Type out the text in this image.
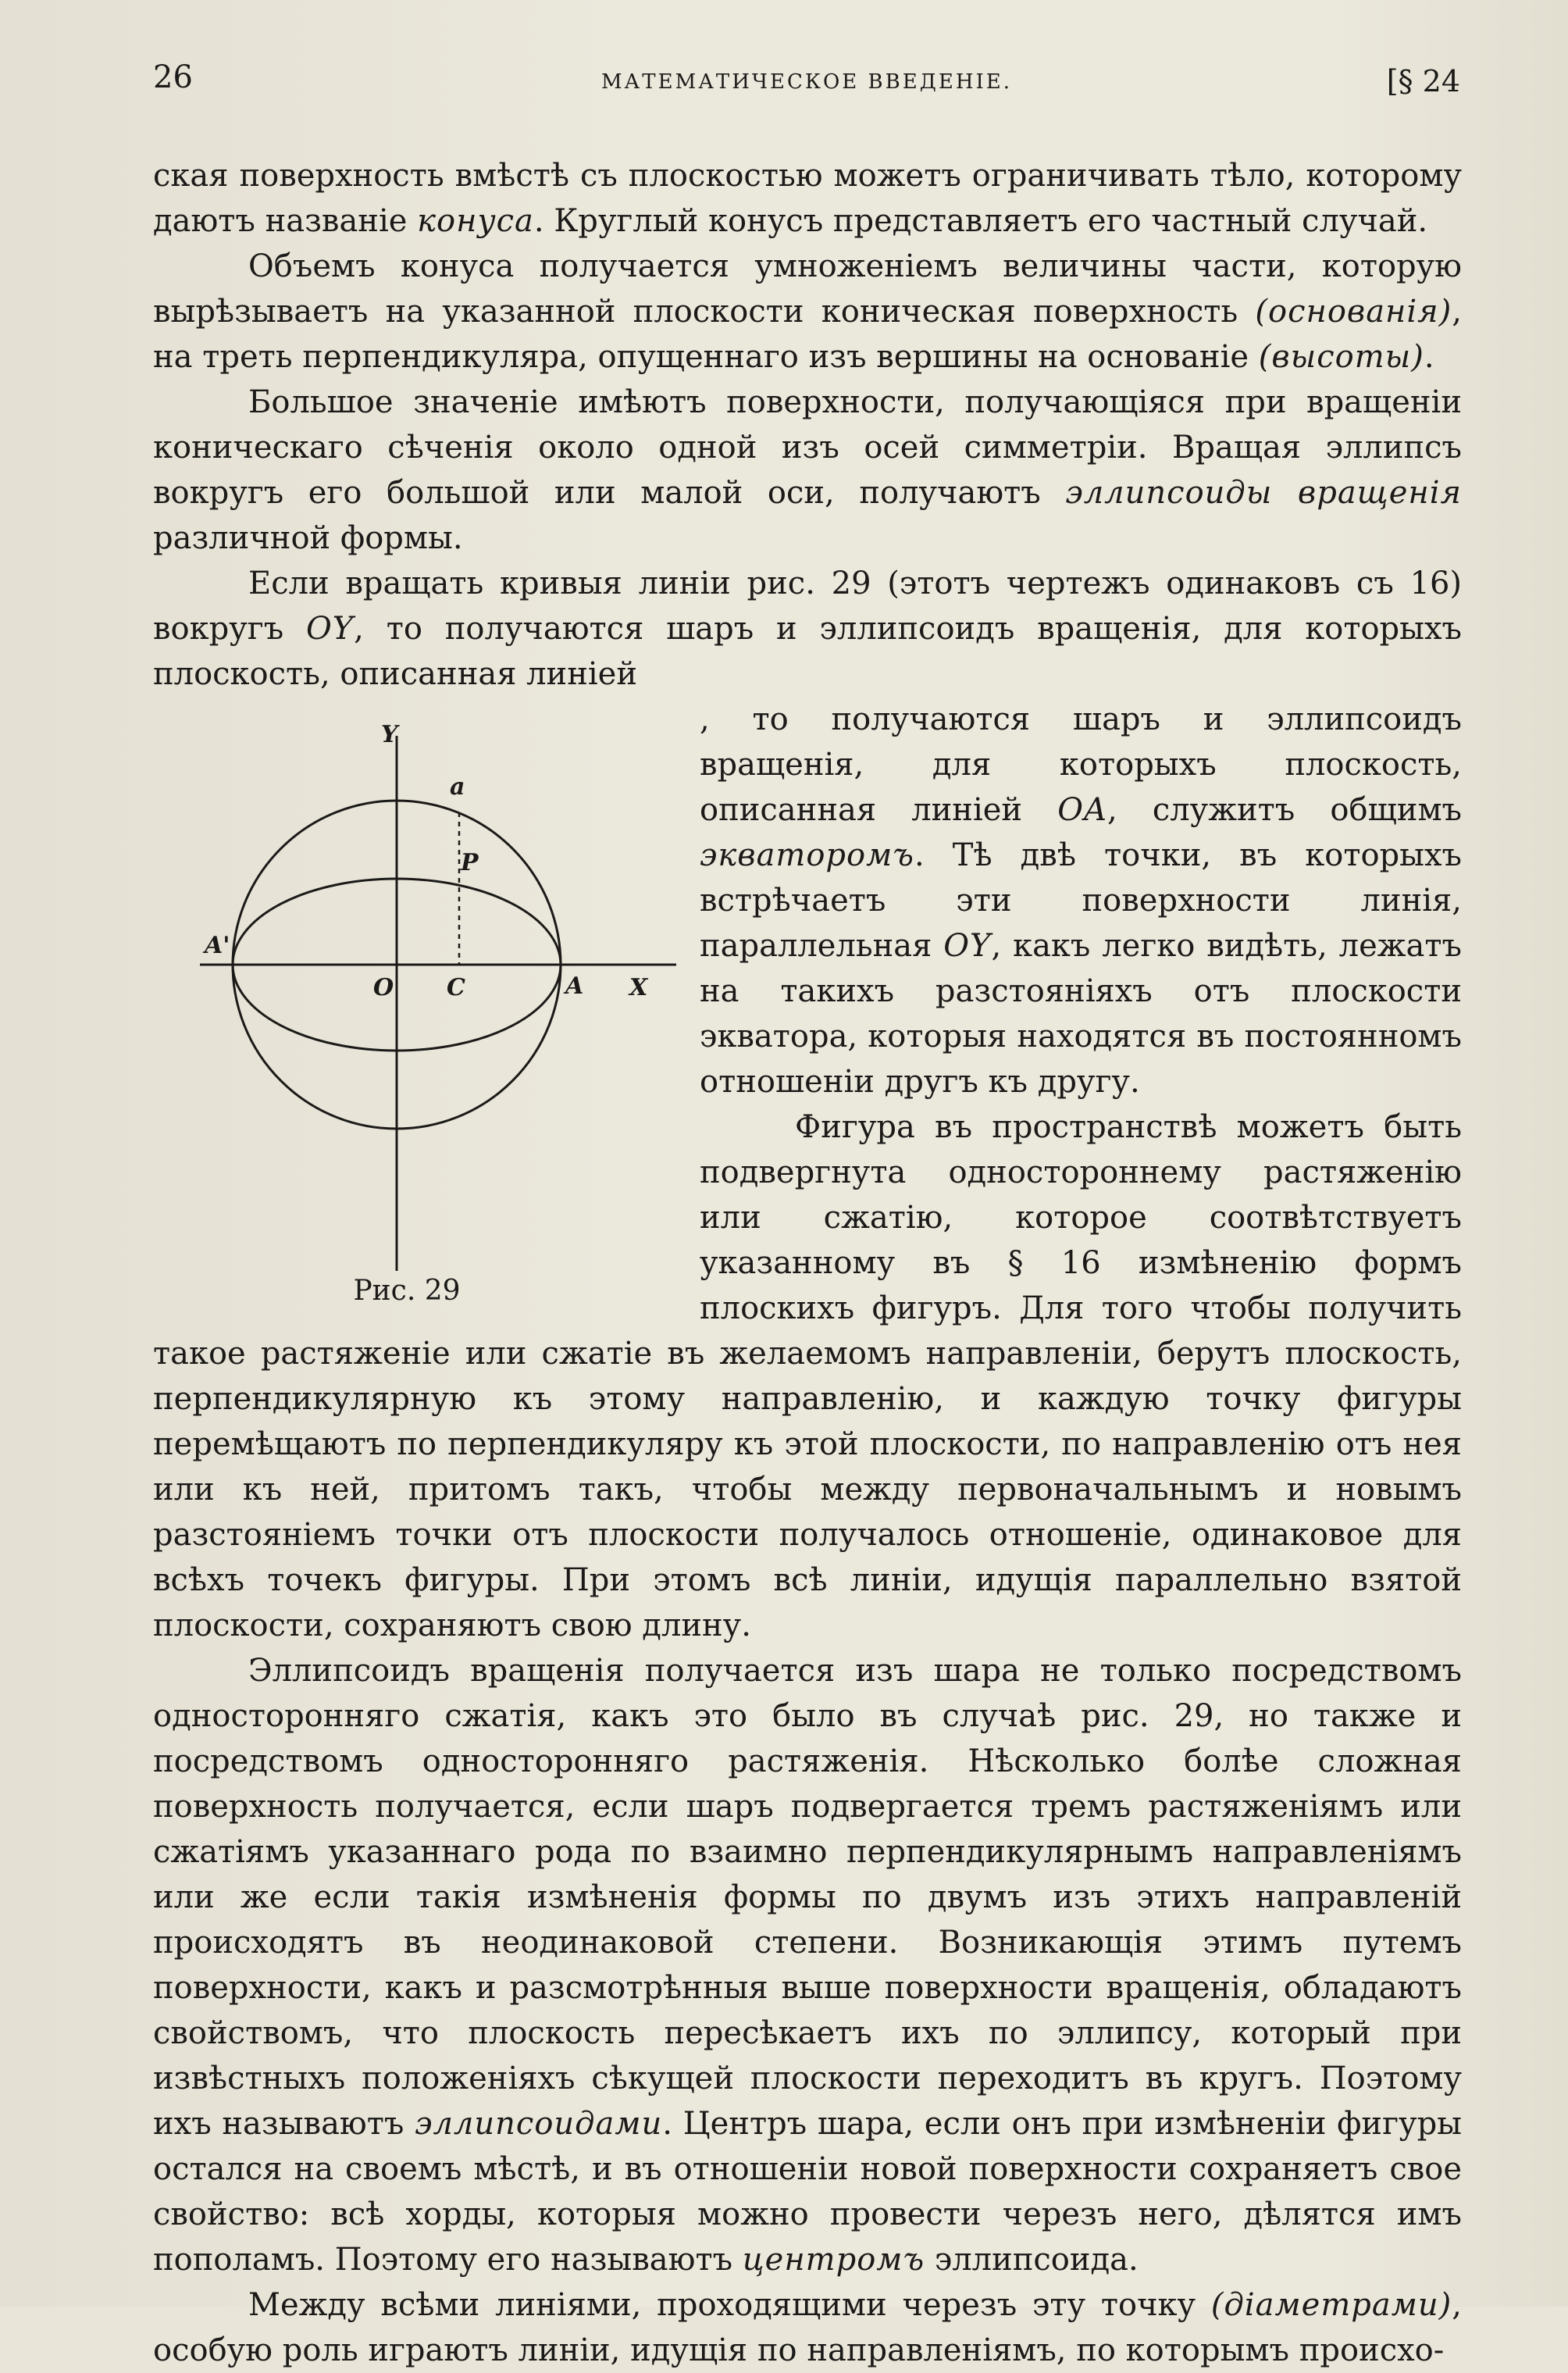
26	МАТЕМАТИЧЕСКОЕ ВВЕДЕНІЕ.	[§ 24

ская поверхность вмѣстѣ съ плоскостью можетъ ограничивать тѣло, которому даютъ названіе конуса. Круглый конусъ представляетъ его частный случай.

Объемъ конуса получается умноженіемъ величины части, которую вырѣзываетъ на указанной плоскости коническая поверхность (основанія), на треть перпендикуляра, опущеннаго изъ вершины на основаніе (высоты).

Большое значеніе имѣютъ поверхности, получающіяся при вращеніи коническаго сѣченія около одной изъ осей симметріи. Вращая эллипсъ вокругъ его большой или малой оси, получаютъ эллипсоиды вращенія различной формы.

Если вращать кривыя линіи рис. 29 (этотъ чертежъ одинаковъ съ 16) вокругъ OY, то получаются шаръ и эллипсоидъ вращенія, для которыхъ плоскость, описанная линіей

Y
a
P
A'
O C	A X
Рис. 29

, то получаются шаръ и эллипсоидъ вращенія, для которыхъ плоскость, описанная линіей OA, служитъ общимъ экваторомъ. Тѣ двѣ точки, въ которыхъ встрѣчаетъ эти поверхности линія, параллельная OY, какъ легко видѣть, лежатъ на такихъ разстояніяхъ отъ плоскости экватора, которыя находятся въ постоянномъ отношеніи другъ къ другу.

Фигура въ пространствѣ можетъ быть подвергнута одностороннему растяженію или сжатію, которое соотвѣтствуетъ указанному въ § 16 измѣненію формъ плоскихъ фигуръ. Для того чтобы получить такое растяженіе или сжатіе въ желаемомъ направленіи, берутъ плоскость, перпендикулярную къ этому направленію, и каждую точку фигуры перемѣщаютъ по перпендикуляру къ этой плоскости, по направленію отъ нея или къ ней, притомъ такъ, чтобы между первоначальнымъ и новымъ разстояніемъ точки отъ плоскости получалось отношеніе, одинаковое для всѣхъ точекъ фигуры. При этомъ всѣ линіи, идущія параллельно взятой плоскости, сохраняютъ свою длину.

Эллипсоидъ вращенія получается изъ шара не только посредствомъ одностороннягo сжатія, какъ это было въ случаѣ рис. 29, но также и посредствомъ одностороннягo растяженія. Нѣсколько болѣе сложная поверхность получается, если шаръ подвергается тремъ растяженіямъ или сжатіямъ указаннаго рода по взаимно перпендикулярнымъ направленіямъ или же если такія измѣненія формы по двумъ изъ этихъ направленій происходятъ въ неодинаковой степени. Возникающія этимъ путемъ поверхности, какъ и разсмотрѣнныя выше поверхности вращенія, обладаютъ свойствомъ, что плоскость пересѣкаетъ ихъ по эллипсу, который при извѣстныхъ положеніяхъ сѣкущей плоскости переходитъ въ кругъ. Поэтому ихъ называютъ эллипсоидами. Центръ шара, если онъ при измѣненіи фигуры остался на своемъ мѣстѣ, и въ отношеніи новой поверхности сохраняетъ свое свойство: всѣ хорды, которыя можно провести черезъ него, дѣлятся имъ пополамъ. Поэтому его называютъ центромъ эллипсоида.

Между всѣми линіями, проходящими черезъ эту точку (діаметрами), особую роль играютъ линіи, идущія по направленіямъ, по которымъ происхо-
